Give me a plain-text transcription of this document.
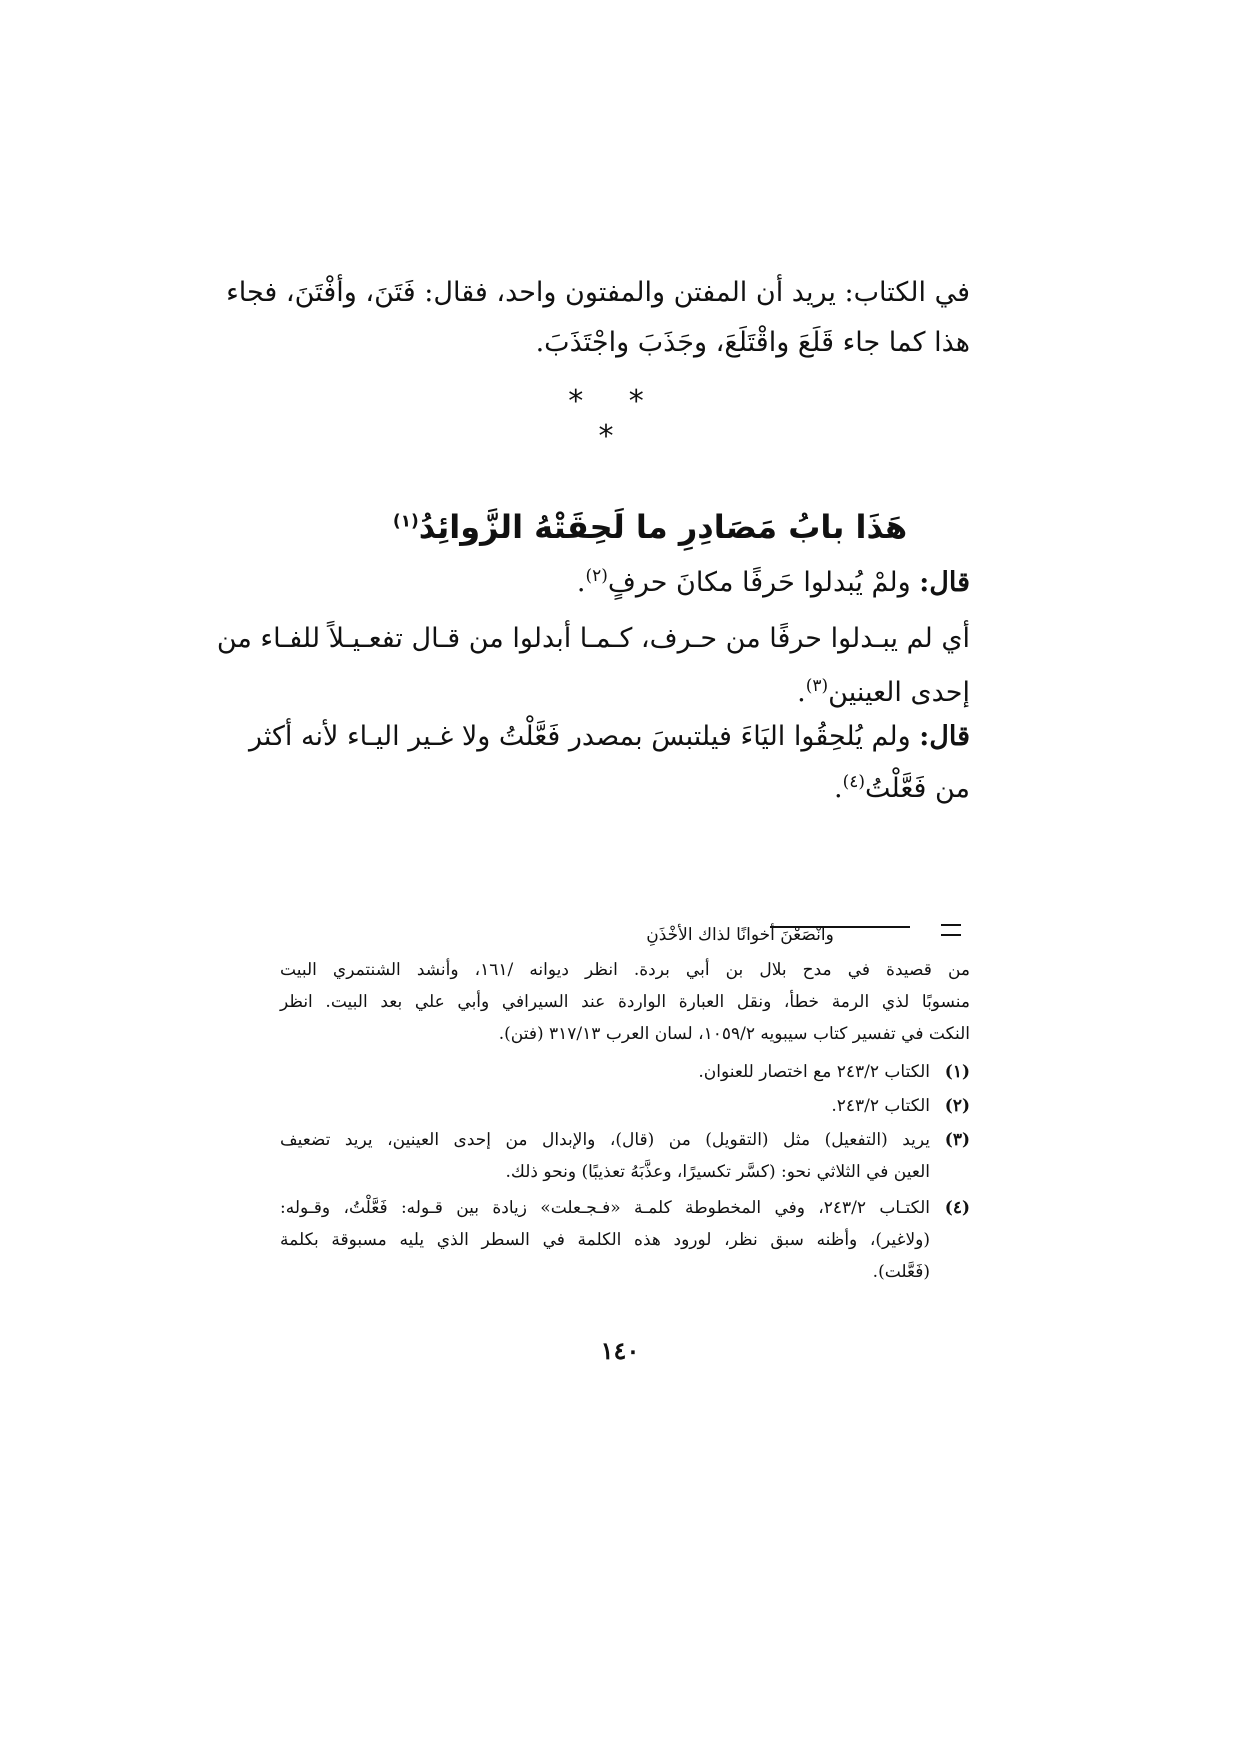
في الكتاب: يريد أن المفتن والمفتون واحد، فقال: فَتَنَ، وأفْتَنَ، فجاء
هذا كما جاء قَلَعَ واقْتَلَعَ، وجَذَبَ واجْتَذَبَ.
* * *
هَذَا بابُ مَصَادِرِ ما لَحِقَتْهُ الزَّوائِدُ$^{(١)}$
قال: ولمْ يُبدلوا حَرفًا مكانَ حرفٍ$^{(٢)}$.
أي لم يبـدلوا حرفًا من حـرف، كـمـا أبدلوا من قـال تفعـيـلاً للفـاء من
إحدى العينين$^{(٣)}$.
قال: ولم يُلحِقُوا اليَاءَ فيلتبسَ بمصدر فَعَّلْتُ ولا غـير اليـاء لأنه أكثر
من فَعَّلْتُ$^{(٤)}$.
وانْصَعْنَ أخوانًا لذاك الأخْذَنِ
من قصيدة في مدح بلال بن أبي بردة. انظر ديوانه /١٦١، وأنشد الشنتمري البيت
منسوبًا لذي الرمة خطأ، ونقل العبارة الواردة عند السيرافي وأبي علي بعد البيت. انظر
النكت في تفسير كتاب سيبويه ١٠٥٩/٢، لسان العرب ٣١٧/١٣ (فتن).
(١)
الكتاب ٢٤٣/٢ مع اختصار للعنوان.
(٢)
الكتاب ٢٤٣/٢.
(٣)
يريد (التفعيل) مثل (التقويل) من (قال)، والإبدال من إحدى العينين، يريد تضعيف
العين في الثلاثي نحو: (كسَّر تكسيرًا، وعذَّبَهُ تعذيبًا) ونحو ذلك.
(٤)
الكتـاب ٢٤٣/٢، وفي المخطوطة كلمـة «فـجـعلت» زيادة بين قـوله: فَعَّلْتُ، وقـوله:
(ولاغير)، وأظنه سبق نظر، لورود هذه الكلمة في السطر الذي يليه مسبوقة بكلمة
(فَعَّلت).
١٤٠
